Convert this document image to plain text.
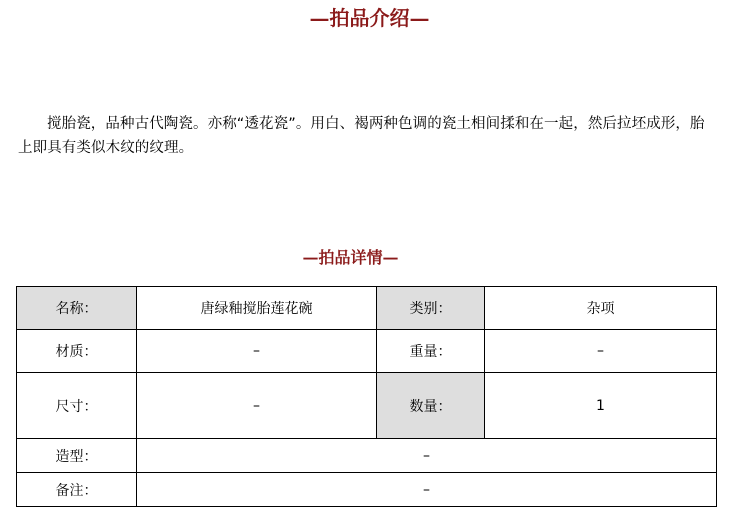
—拍品介绍—
搅胎瓷，品种古代陶瓷。亦称“透花瓷”。用白、褐两种色调的瓷土相间揉和在一起，然后拉坯成形，胎上即具有类似木纹的纹理。
—拍品详情—
名称：	唐绿釉搅胎莲花碗	类别：	杂项
材质：	–	重量：	–
尺寸：	–	数量：	1
造型：	–		
备注：	–		
